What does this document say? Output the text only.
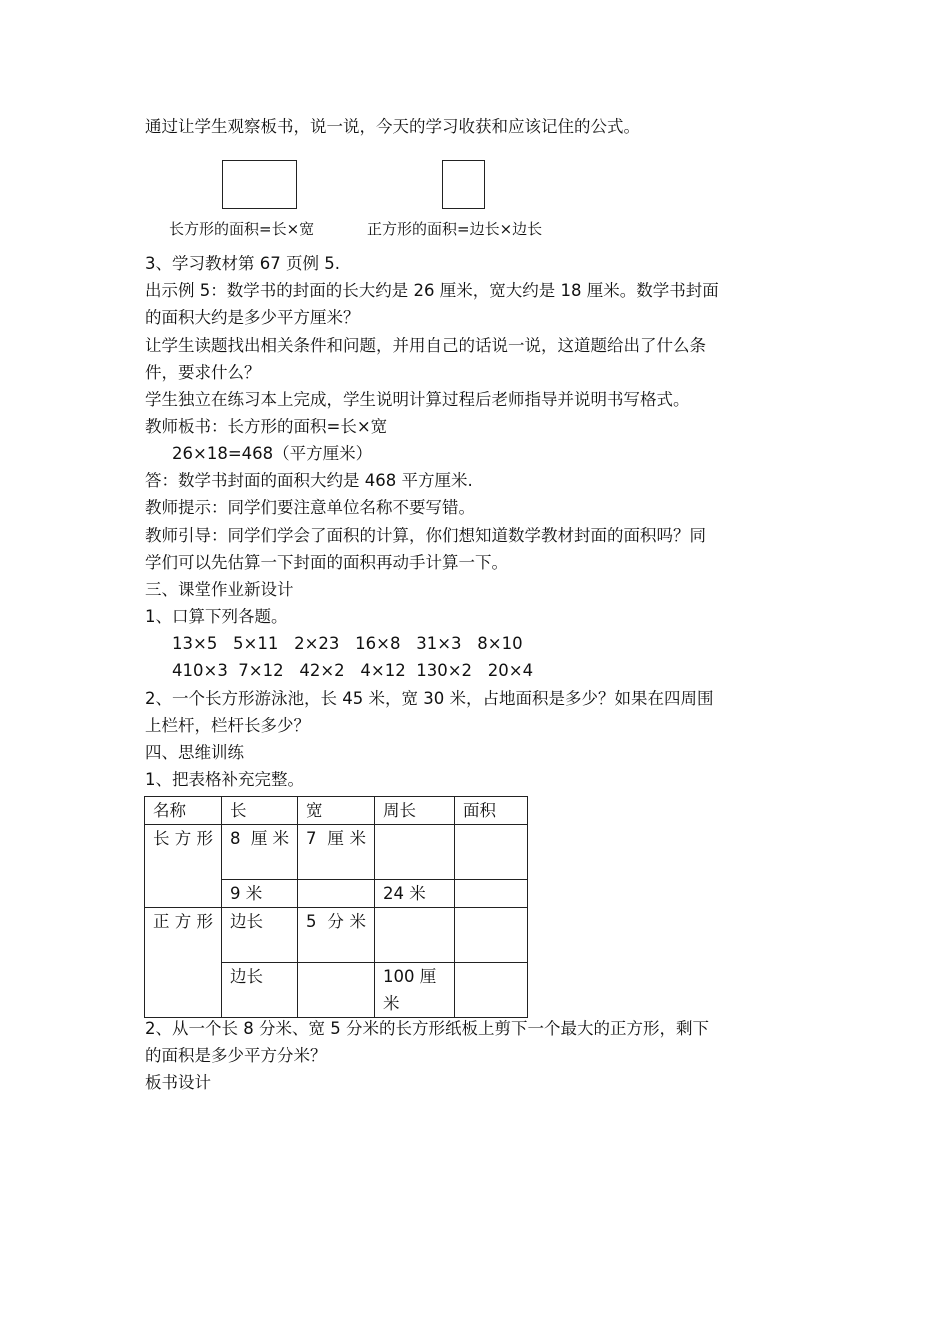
通过让学生观察板书，说一说，今天的学习收获和应该记住的公式。
长方形的面积=长×宽	正方形的面积=边长×边长
3、学习教材第 67 页例 5.
出示例 5：数学书的封面的长大约是 26 厘米，宽大约是 18 厘米。数学书封面
的面积大约是多少平方厘米？
让学生读题找出相关条件和问题，并用自己的话说一说，这道题给出了什么条
件，要求什么？
学生独立在练习本上完成，学生说明计算过程后老师指导并说明书写格式。
教师板书：长方形的面积=长×宽
26×18=468（平方厘米）
答：数学书封面的面积大约是 468 平方厘米.
教师提示：同学们要注意单位名称不要写错。
教师引导：同学们学会了面积的计算，你们想知道数学教材封面的面积吗？同
学们可以先估算一下封面的面积再动手计算一下。
三、课堂作业新设计
1、口算下列各题。
13×5   5×11   2×23   16×8   31×3   8×10
410×3  7×12   42×2   4×12  130×2   20×4
2、一个长方形游泳池，长 45 米，宽 30 米，占地面积是多少？如果在四周围
上栏杆，栏杆长多少？
四、思维训练
1、把表格补充完整。
名称	长	宽	周长	面积
长方形	8 厘米	7 厘米		
	9 米		24 米	
正方形	边长	5 分米		
	边长		100 厘米	
2、从一个长 8 分米、宽 5 分米的长方形纸板上剪下一个最大的正方形，剩下
的面积是多少平方分米？
板书设计
